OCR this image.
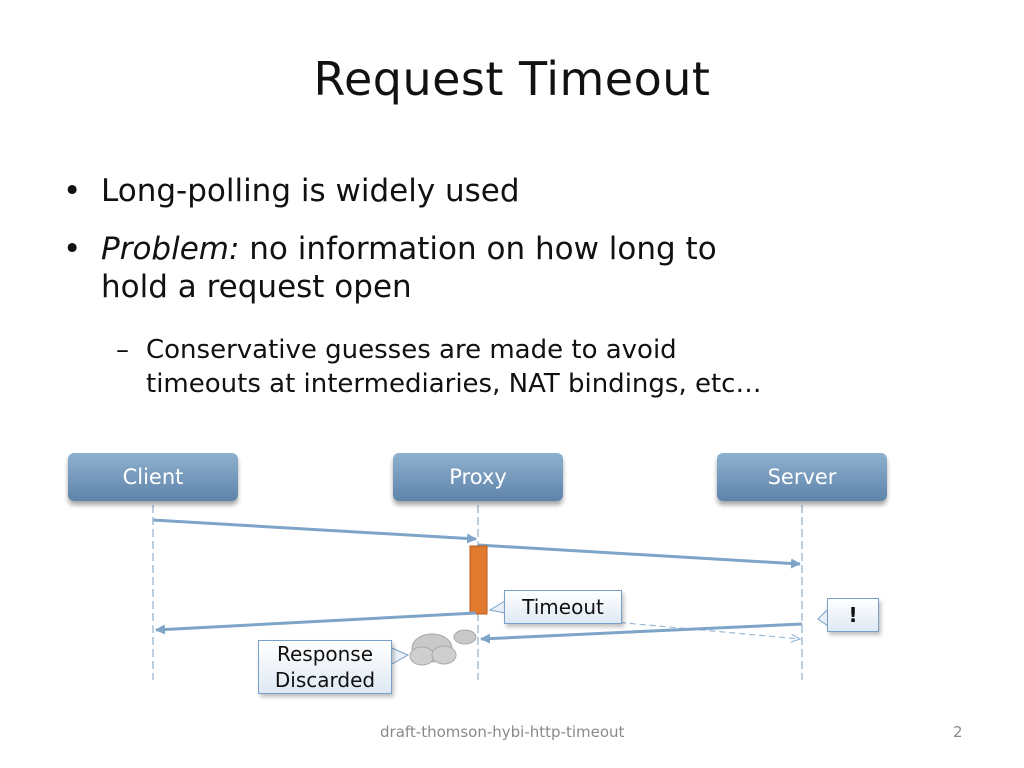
Request Timeout
• Long-polling is widely used
• Problem: no information on how long to
hold a request open
– Conservative guesses are made to avoid
timeouts at intermediaries, NAT bindings, etc…
Client	Proxy	Server
Timeout	!
Response
Discarded
draft-thomson-hybi-http-timeout	2
